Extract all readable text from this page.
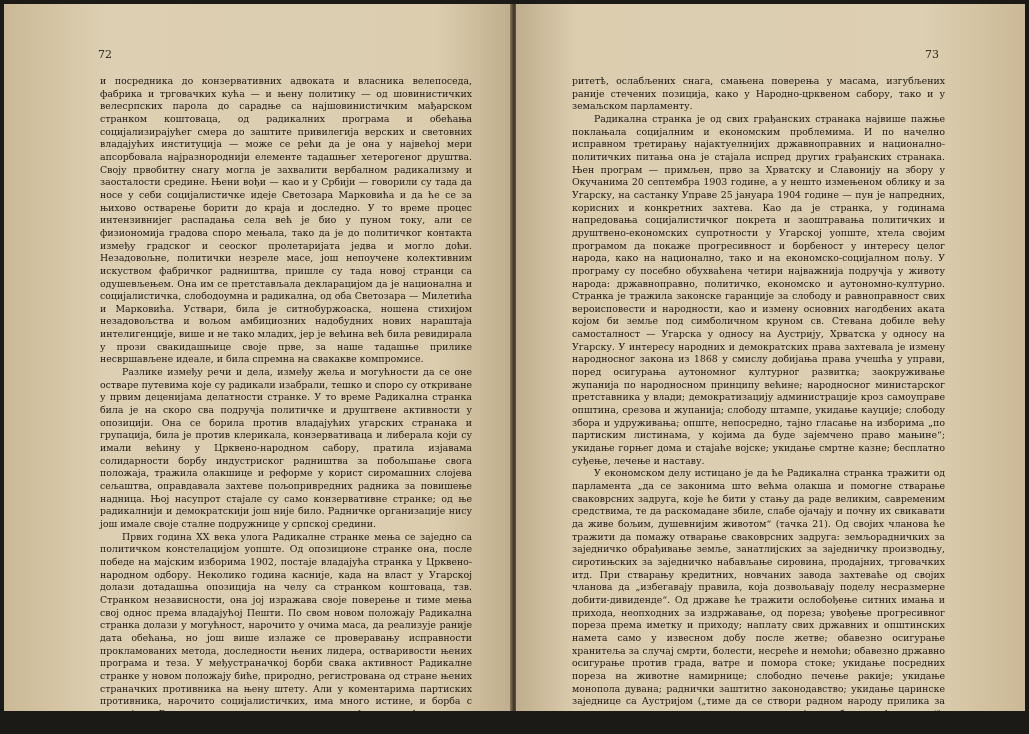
72

и посредника до конзервативних адвоката и власника велепоседа, фабрика и трговачких кућа — и њену политику — од шовинистичких велесрпских парола до сарадње са најшовинистичким мађарском странком коштоваца, од радикалних програма и обећања социјализирајућег смера до заштите привилегија верских и световних владајућих институција — може се рећи да је она у највећој мери апсорбовала најразнороднији елементе тадашњег хетерогеног друштва. Своју првобитну снагу могла је захвалити вербалном радикализму и заосталости средине. Њени вођи — као и у Србији — говорили су тада да носе у себи социјалистичке идеје Светозара Марковића и да ће се за њихово остварење борити до краја и доследно. У то време процес интензивнијег распадања села већ је био у пуном току, али се физиономија градова споро мењала, тако да је до политичког контакта између градског и сеоског пролетаријата једва и могло доћи. Незадовољне, политички незреле масе, још непоучене колективним искуством фабричког радништва, пришле су тада новој странци са одушевљењем. Она им се претстављала декларацијом да је национална и социјалистичка, слободоумна и радикална, од оба Светозара — Милетића и Марковића. Уствари, била је ситнобуржоаска, ношена стихијом незадовољства и вољом амбициозних надобудних нових нараштаја интелигенције, више и не тако младих, јер је већина већ била ревидирала у прози свакидашњице своје прве, за наше тадашње прилике несвршављене идеале, и била спремна на свакакве компромисе.

Разлике између речи и дела, између жеља и могућности да се оне остваре путевима које су радикали изабрали, тешко и споро су откриване у првим деценијама делатности странке. У то време Радикална странка била је на скоро сва подручја политичке и друштвене активности у опозицији. Она се борила против владајућих угарских странака и групација, била је против клерикала, конзервативаца и либерала који су имали већину у Црквено-народном сабору, пратила изјавама солидарности борбу индустриског радништва за побољшање свога положаја, тражила олакшице и реформе у корист сиромашних слојева сељаштва, оправдавала захтеве пољопривредних радника за повишење надница. Њој насупрот стајале су само конзервативне странке; од ње радикалнији и демократскији још није било. Радничке организације нису још имале своје сталне подружнице у српској средини.

Првих година XX века улога Радикалне странке мења се заједно са политичком констелацијом уопште. Од опозиционе странке она, после победе на мајским изборима 1902, постаје владајућа странка у Црквено-народном одбору. Неколико година касније, када на власт у Угарској долази дотадашња опозиција на челу са странком коштоваца, тзв. Странком независности, она јој изражава своје поверење и тиме мења свој однос према владајућој Пешти. По свом новом положају Радикална странка долази у могућност, нарочито у очима маса, да реализује раније дата обећања, но још више излаже се проверавању исправности прокламованих метода, доследности њених лидера, остваривости њених програма и теза. У међустраначкој борби свака активност Радикалне странке у новом положају биће, природно, регистрована од стране њених страначких противника на њену штету. Али у коментарима партиских противника, нарочито социјалистичких, има много истине, и борба с њима је за Радикалну странку врло тешка; из ње ће она изаћи окрњена ауто-

73

ритетѣ, ослабљених снага, смањена поверења у масама, изгубљених раније стечених позиција, како у Народно-црквеном сабору, тако и у земаљском парламенту.

Радикална странка је од свих грађанских странака највише пажње поклањала социјалним и економским проблемима. И по начелно исправном третирању најактуелнијих државноправних и национално-политичких питања она је стајала испред других грађанских странака. Њен програм — примљен, прво за Хрватску и Славонију на збору у Окучанима 20 септембра 1903 године, а у нешто измењеном облику и за Угарску, на састанку Управе 25 јануара 1904 године — пун је напредних, корисних и конкретних захтева. Као да је странка, у годинама напредовања социјалистичког покрета и заоштравања политичких и друштвено-економских супротности у Угарској уопште, хтела својим програмом да покаже прогресивност и борбеност у интересу целог народа, како на национално, тако и на економско-социјалном пољу. У програму су посебно обухваћена четири најважнија подручја у животу народа: државноправно, политичко, економско и аутономно-културно. Странка је тражила законске гаранције за слободу и равноправност свих вероисповести и народности, као и измену основних нагодбених аката којом би земље под симболичном круном св. Стевана добиле већу самосталност — Угарска у односу на Аустрију, Хрватска у односу на Угарску. У интересу народних и демократских права захтевала је измену народносног закона из 1868 у смислу добијања права учешћа у управи, поред осигурања аутономног културног развитка; заокруживање жупанија по народносном принципу већине; народносног министарског претставника у влади; демократизацију администрације кроз самоуправе општина, срезова и жупанија; слободу штампе, укидање кауције; слободу збора и удруживања; опште, непосредно, тајно гласање на изборима „по партиским листинама, у којима да буде зајемчено право мањине“; укидање горњег дома и стајаће војске; укидање смртне казне; бесплатно суђење, лечење и наставу.

У економском делу истицано је да ће Радикална странка тражити од парламента „да се законима што већма олакша и помогне стварање сваковрсних задруга, које ће бити у стању да раде великим, савременим средствима, те да раскомадане збиле, слабе ојачају и почну их свикавати да живе бољим, душевнијим животом“ (тачка 21). Од својих чланова ће тражити да помажу отварање сваковрсних задруга: земљорадничких за заједничко обрађивање земље, занатлијских за заједничку производњу, сиротињских за заједничко набављање сировина, продајних, трговачких итд. При стварању кредитних, новчаних завода захтеваће од својих чланова да „избегавају правила, која дозвољавају поделу несразмерне добити-дивиденде“. Од државе ће тражити ослобођење ситних имања и прихода, неопходних за издржавање, од пореза; увођење прогресивног пореза према иметку и приходу; наплату свих државних и општинских намета само у извесном добу после жетве; обавезно осигурање хранитеља за случај смрти, болести, несреће и немоћи; обавезно државно осигурање против града, ватре и помора стоке; укидање посредних пореза на животне намирнице; слободно печење ракије; укидање монопола дувана; раднички заштитно законодавство; укидање царинске заједнице са Аустријом („тиме да се створи радном народу прилика за рад и заслугу, те да не мора напуштати своју отаџбину и ићи у свет“); помагање поди-
